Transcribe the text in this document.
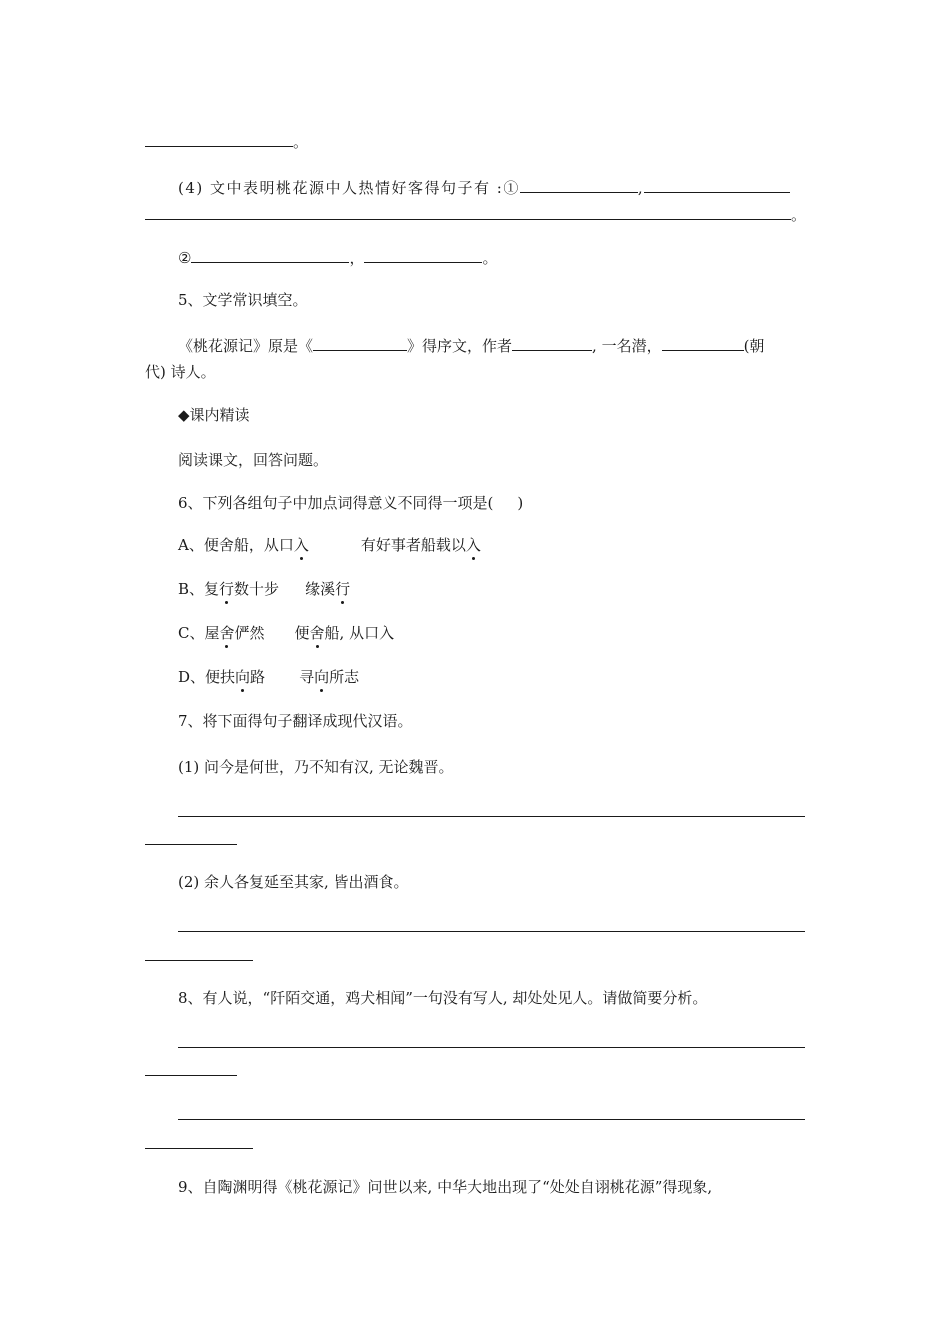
。
(4) 文中表明桃花源中人热情好客得句子有 :①	,
。
②	，	。
5、文学常识填空。
《桃花源记》原是《	》得序文，作者	, 一名潜，	(朝
代) 诗人。
◆课内精读
阅读课文，回答问题。
6、下列各组句子中加点词得意义不同得一项是( )
A、便舍船，从口入	有好事者船载以入
B、复行数十步 缘溪行
C、屋舍俨然 便舍船, 从口入
D、便扶向路 寻向所志
7、将下面得句子翻译成现代汉语。
(1) 问今是何世，乃不知有汉, 无论魏晋。
(2) 余人各复延至其家, 皆出酒食。
8、有人说，“阡陌交通，鸡犬相闻”一句没有写人, 却处处见人。请做简要分析。
9、自陶渊明得《桃花源记》问世以来, 中华大地出现了“处处自诩桃花源”得现象,
